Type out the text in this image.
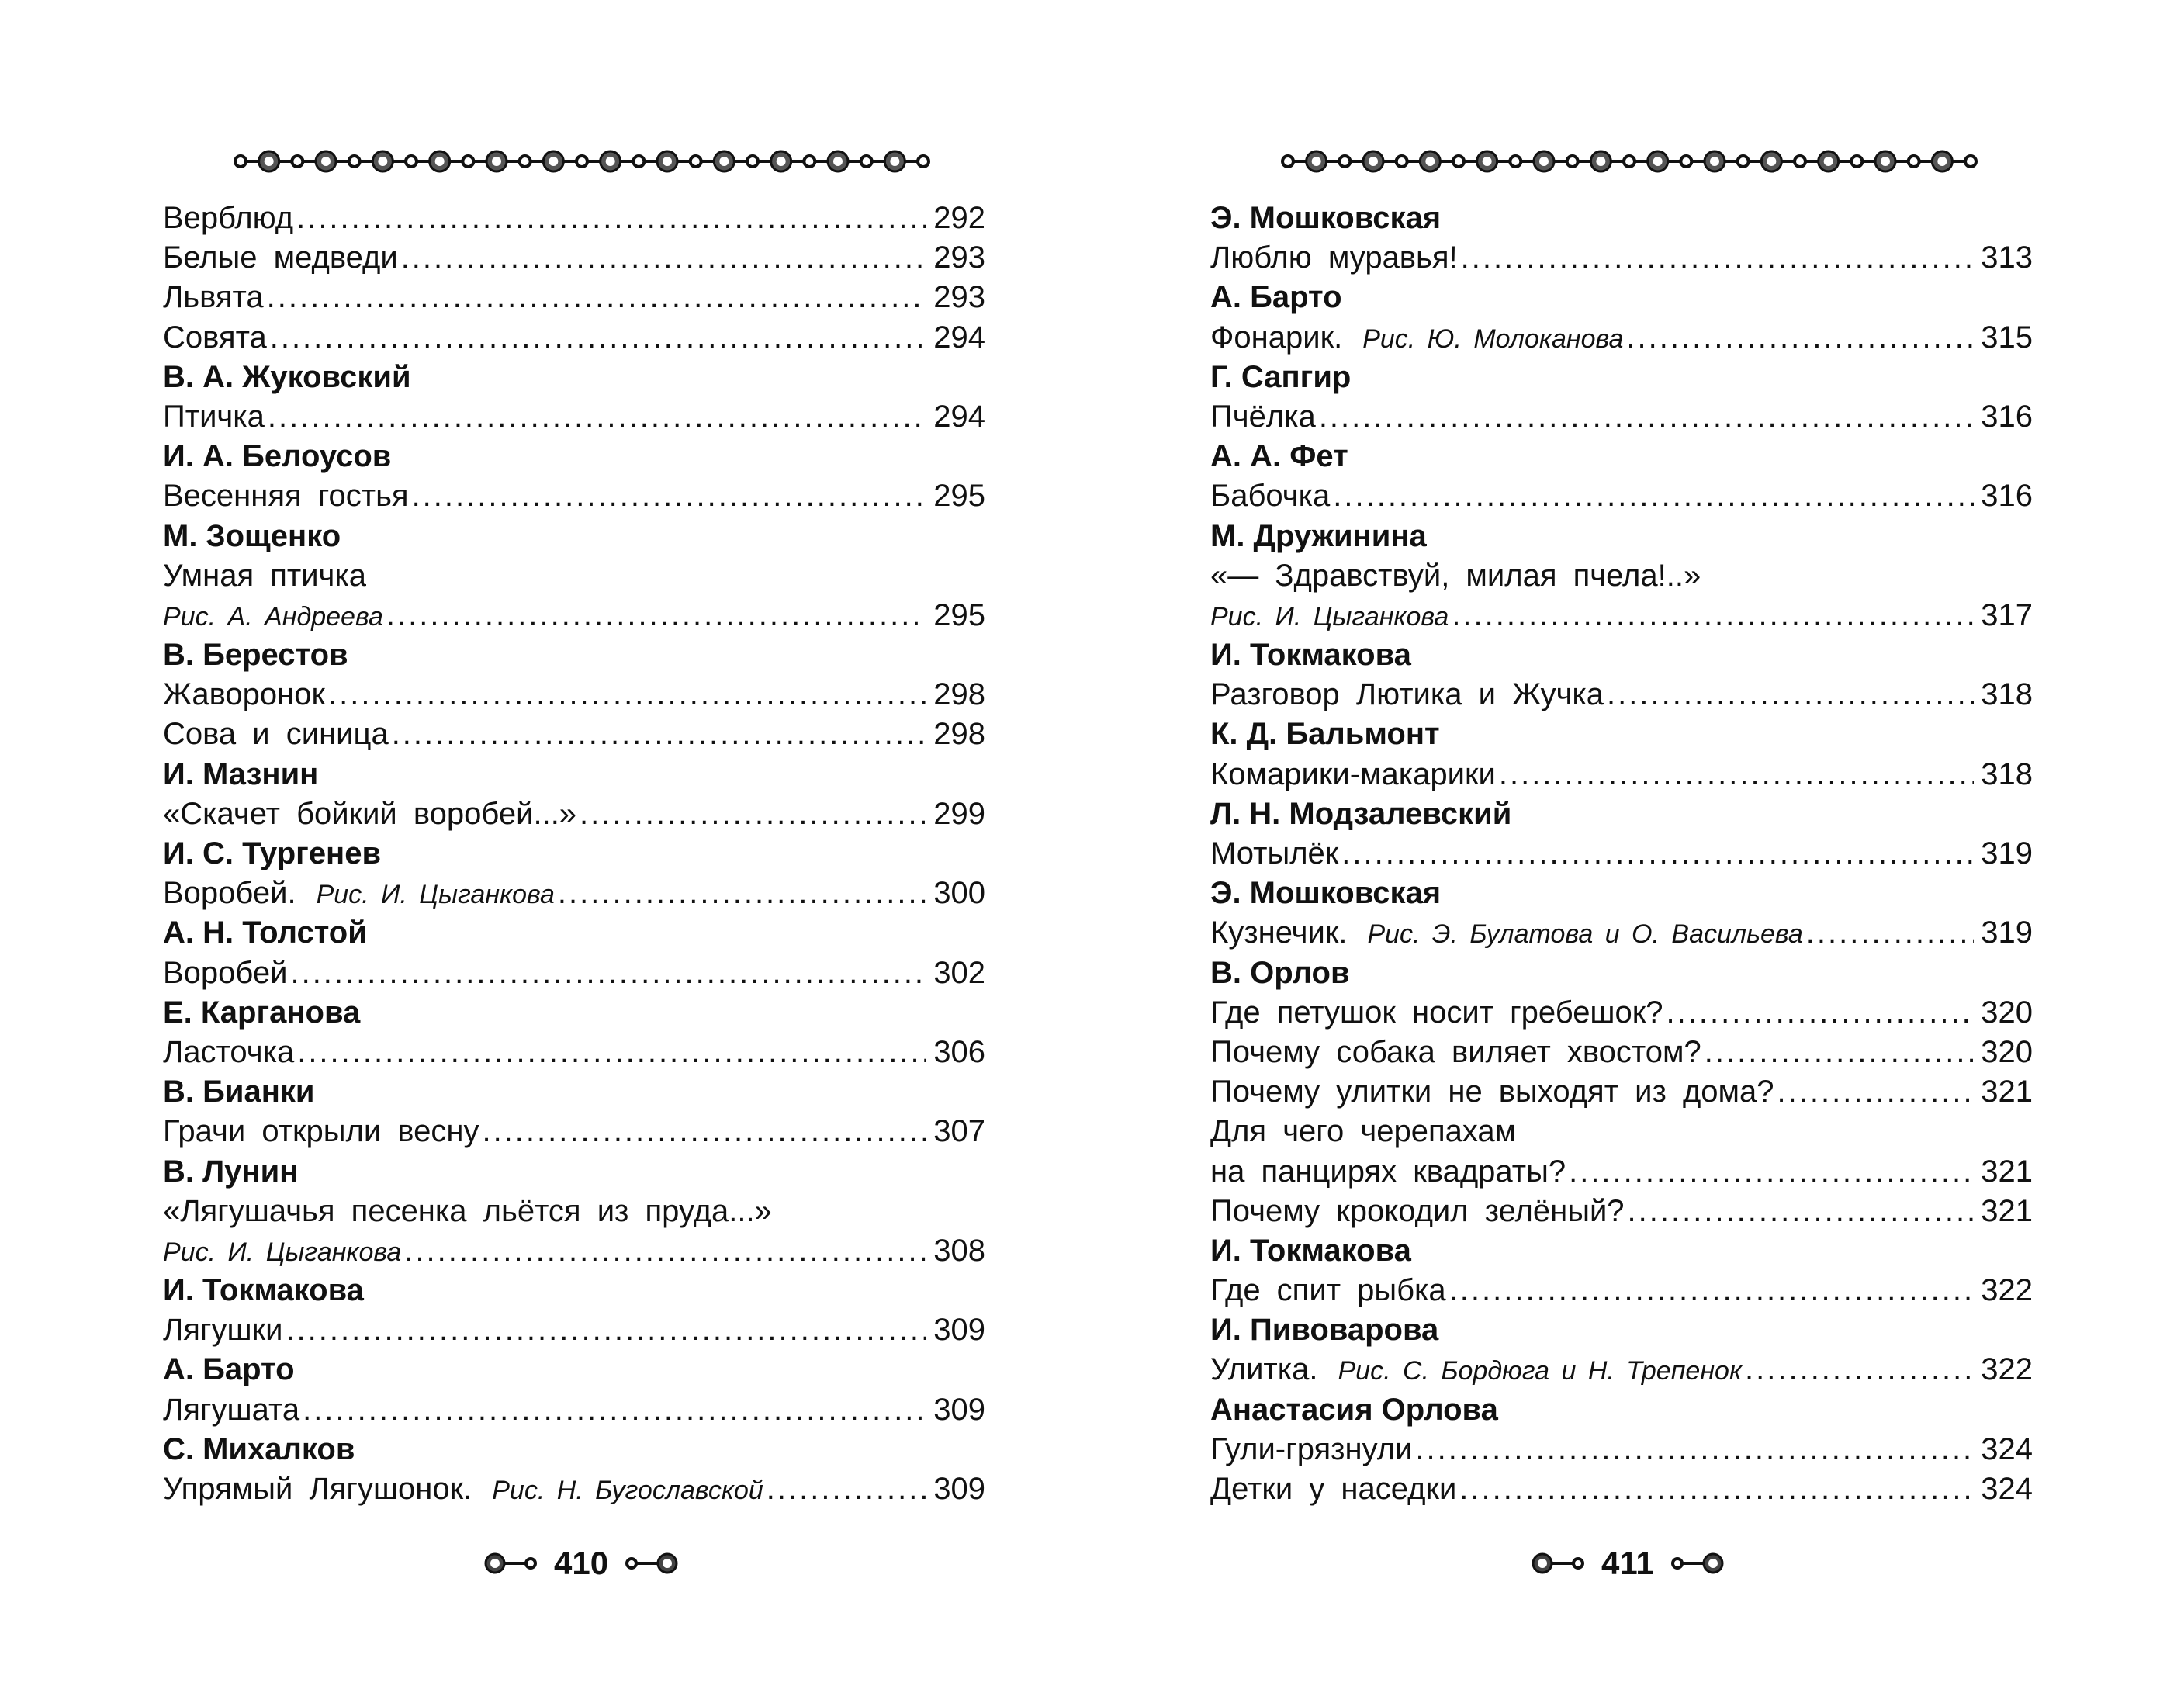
Верблюд .....	292
Белые медведи .....	293
Львята .....	293
Совята .....	294
В. А. Жуковский
Птичка .....	294
И. А. Белоусов
Весенняя гостья .....	295
М. Зощенко
Умная птичка
Рис. А. Андреева .....	295
В. Берестов
Жаворонок .....	298
Сова и синица .....	298
И. Мазнин
«Скачет бойкий воробей...» .....	299
И. С. Тургенев
Воробей. Рис. И. Цыганкова .....	300
А. Н. Толстой
Воробей .....	302
Е. Карганова
Ласточка .....	306
В. Бианки
Грачи открыли весну .....	307
В. Лунин
«Лягушачья песенка льётся из пруда...»
Рис. И. Цыганкова .....	308
И. Токмакова
Лягушки .....	309
А. Барто
Лягушата .....	309
С. Михалков
Упрямый Лягушонок. Рис. Н. Бугославской .....	309
410
Э. Мошковская
Люблю муравья! .....	313
А. Барто
Фонарик. Рис. Ю. Молоканова .....	315
Г. Сапгир
Пчёлка .....	316
А. А. Фет
Бабочка .....	316
М. Дружинина
«— Здравствуй, милая пчела!..»
Рис. И. Цыганкова .....	317
И. Токмакова
Разговор Лютика и Жучка .....	318
К. Д. Бальмонт
Комарики-макарики .....	318
Л. Н. Модзалевский
Мотылёк .....	319
Э. Мошковская
Кузнечик. Рис. Э. Булатова и О. Васильева .....	319
В. Орлов
Где петушок носит гребешок? .....	320
Почему собака виляет хвостом? .....	320
Почему улитки не выходят из дома? .....	321
Для чего черепахам
на панцирях квадраты? .....	321
Почему крокодил зелёный? .....	321
И. Токмакова
Где спит рыбка .....	322
И. Пивоварова
Улитка. Рис. С. Бордюга и Н. Трепенок .....	322
Анастасия Орлова
Гули-грязнули .....	324
Детки у наседки .....	324
411
